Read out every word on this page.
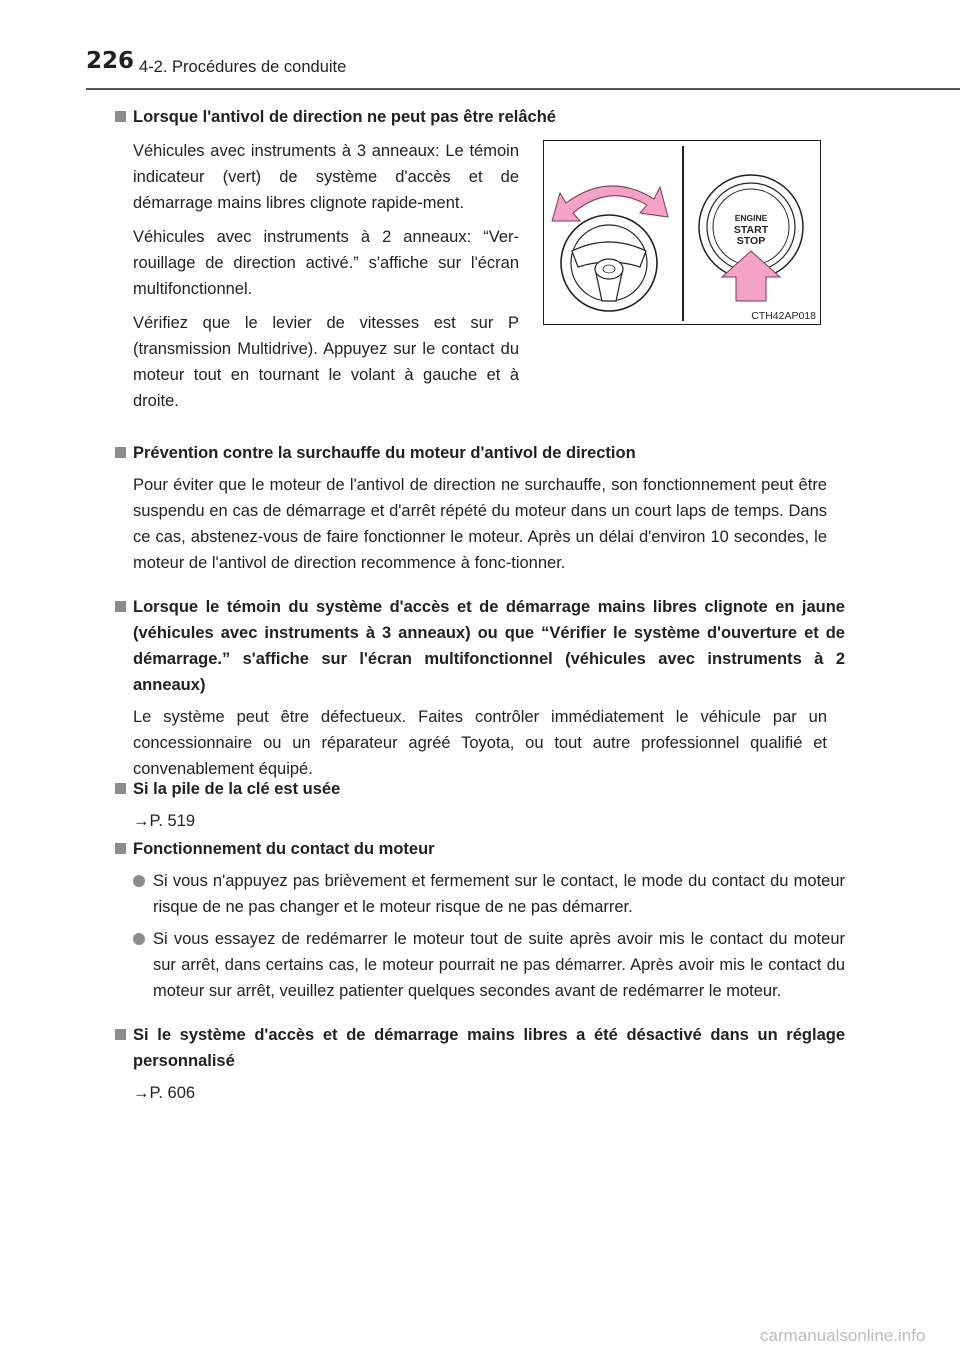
226 4-2. Procédures de conduite
Lorsque l'antivol de direction ne peut pas être relâché
Véhicules avec instruments à 3 anneaux: Le témoin indicateur (vert) de système d'accès et de démarrage mains libres clignote rapide-ment.
Véhicules avec instruments à 2 anneaux: “Ver-rouillage de direction activé.” s'affiche sur l'écran multifonctionnel.
Vérifiez que le levier de vitesses est sur P (transmission Multidrive). Appuyez sur le contact du moteur tout en tournant le volant à gauche et à droite.
ENGINE
START
STOP
CTH42AP018
Prévention contre la surchauffe du moteur d'antivol de direction
Pour éviter que le moteur de l'antivol de direction ne surchauffe, son fonctionnement peut être suspendu en cas de démarrage et d'arrêt répété du moteur dans un court laps de temps. Dans ce cas, abstenez-vous de faire fonctionner le moteur. Après un délai d'environ 10 secondes, le moteur de l'antivol de direction recommence à fonc-tionner.
Lorsque le témoin du système d'accès et de démarrage mains libres clignote en jaune (véhicules avec instruments à 3 anneaux) ou que “Vérifier le système d'ouverture et de démarrage.” s'affiche sur l'écran multifonctionnel (véhicules avec instruments à 2 anneaux)
Le système peut être défectueux. Faites contrôler immédiatement le véhicule par un concessionnaire ou un réparateur agréé Toyota, ou tout autre professionnel qualifié et convenablement équipé.
Si la pile de la clé est usée
→P. 519
Fonctionnement du contact du moteur
Si vous n'appuyez pas brièvement et fermement sur le contact, le mode du contact du moteur risque de ne pas changer et le moteur risque de ne pas démarrer.
Si vous essayez de redémarrer le moteur tout de suite après avoir mis le contact du moteur sur arrêt, dans certains cas, le moteur pourrait ne pas démarrer. Après avoir mis le contact du moteur sur arrêt, veuillez patienter quelques secondes avant de redémarrer le moteur.
Si le système d'accès et de démarrage mains libres a été désactivé dans un réglage personnalisé
→P. 606
carmanualsonline.info
